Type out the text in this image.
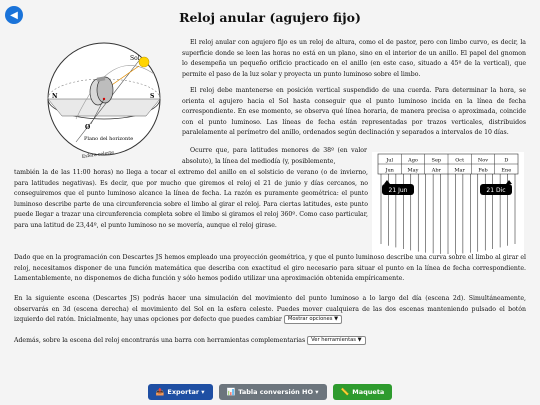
◀	Reloj anular (agujero fijo)
Sol
N	S
O
Plano del horizonte
Esfera celeste
Jul	Ago	Sep	Oct	Nov	D
Jun	May	Abr	Mar	Feb	Ene
21 Jun	21 Dic

El reloj anular con agujero fijo es un reloj de altura, como el de pastor, pero con limbo curvo, es decir, la superficie donde se leen las horas no está en un plano, sino en el interior de un anillo. El papel del gnomon lo desempeña un pequeño orificio practicado en el anillo (en este caso, situado a 45º de la vertical), que permite el paso de la luz solar y proyecta un punto luminoso sobre el limbo.

El reloj debe mantenerse en posición vertical suspendido de una cuerda. Para determinar la hora, se orienta el agujero hacia el Sol hasta conseguir que el punto luminoso incida en la línea de fecha correspondiente. En ese momento, se observa qué línea horaria, de manera precisa o aproximada, coincide con el punto luminoso. Las líneas de fecha están representadas por trazos verticales, distribuidos paralelamente al perímetro del anillo, ordenados según declinación y separados a intervalos de 10 días.

Ocurre que, para latitudes menores de 38º (en valor absoluto), la línea del mediodía (y, posiblemente,

también la de las 11:00 horas) no llega a tocar el extremo del anillo en el solsticio de verano (o de invierno, para latitudes negativas). Es decir, que por mucho que giremos el reloj el 21 de junio y días cercanos, no conseguiremos que el punto luminoso alcance la línea de fecha. La razón es puramente geométrica: el punto luminoso describe parte de una circunferencia sobre el limbo al girar el reloj. Para ciertas latitudes, este punto puede llegar a trazar una circunferencia completa sobre el limbo si giramos el reloj 360º. Como caso particular, para una latitud de 23,44º, el punto luminoso no se movería, aunque el reloj girase.

Dado que en la programación con Descartes JS hemos empleado una proyección geométrica, y que el punto luminoso describe una curva sobre el limbo al girar el reloj, necesitamos disponer de una función matemática que describa con exactitud el giro necesario para situar el punto en la línea de fecha correspondiente. Lamentablemente, no disponemos de dicha función y sólo hemos podido utilizar una aproximación obtenida empíricamente.

En la siguiente escena (Descartes JS) podrás hacer una simulación del movimiento del punto luminoso a lo largo del día (escena 2d). Simultáneamente, observarás en 3d (escena derecha) el movimiento del Sol en la esfera celeste. Puedes mover cualquiera de las dos escenas manteniendo pulsado el botón izquierdo del ratón. Inicialmente, hay unas opciones por defecto que puedes cambiar Mostrar opciones ▼

Además, sobre la escena del reloj encontrarás una barra con herramientas complementarias Ver herramientas ▼

📤 Exportar ▾	📊 Tabla conversión HO ▾	📏 Maqueta
